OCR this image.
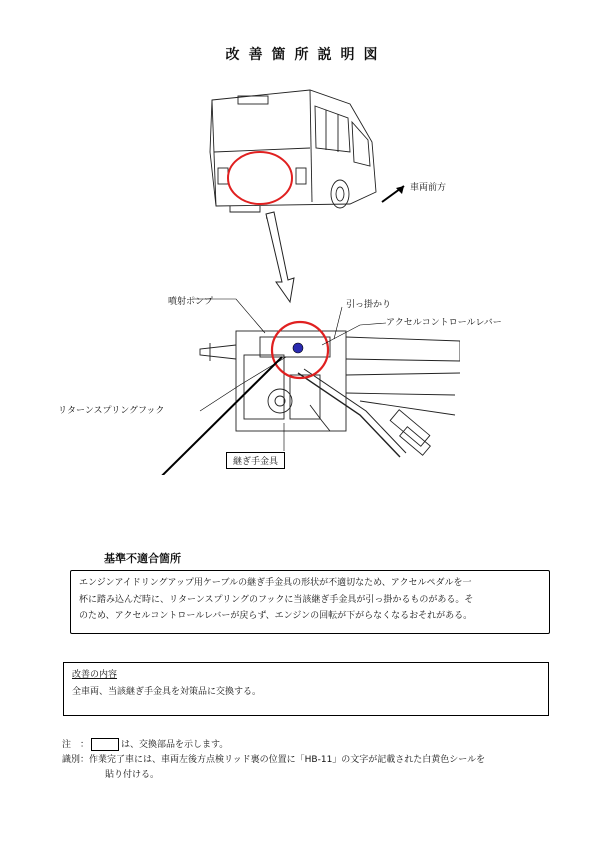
改善箇所説明図
車両前方
噴射ポンプ	引っ掛かり
アクセルコントロールレバー
リターンスプリングフック
継ぎ手金具
基準不適合箇所
エンジンアイドリングアップ用ケーブルの継ぎ手金具の形状が不適切なため、アクセルペダルを一
杯に踏み込んだ時に、リターンスプリングのフックに当該継ぎ手金具が引っ掛かるものがある。そ
のため、アクセルコントロールレバーが戻らず、エンジンの回転が下がらなくなるおそれがある。
改善の内容
全車両、当該継ぎ手金具を対策品に交換する。
注　：	は、交換部品を示します。
識別：作業完了車には、車両左後方点検リッド裏の位置に「HB-11」の文字が記載された白黄色シールを
貼り付ける。
